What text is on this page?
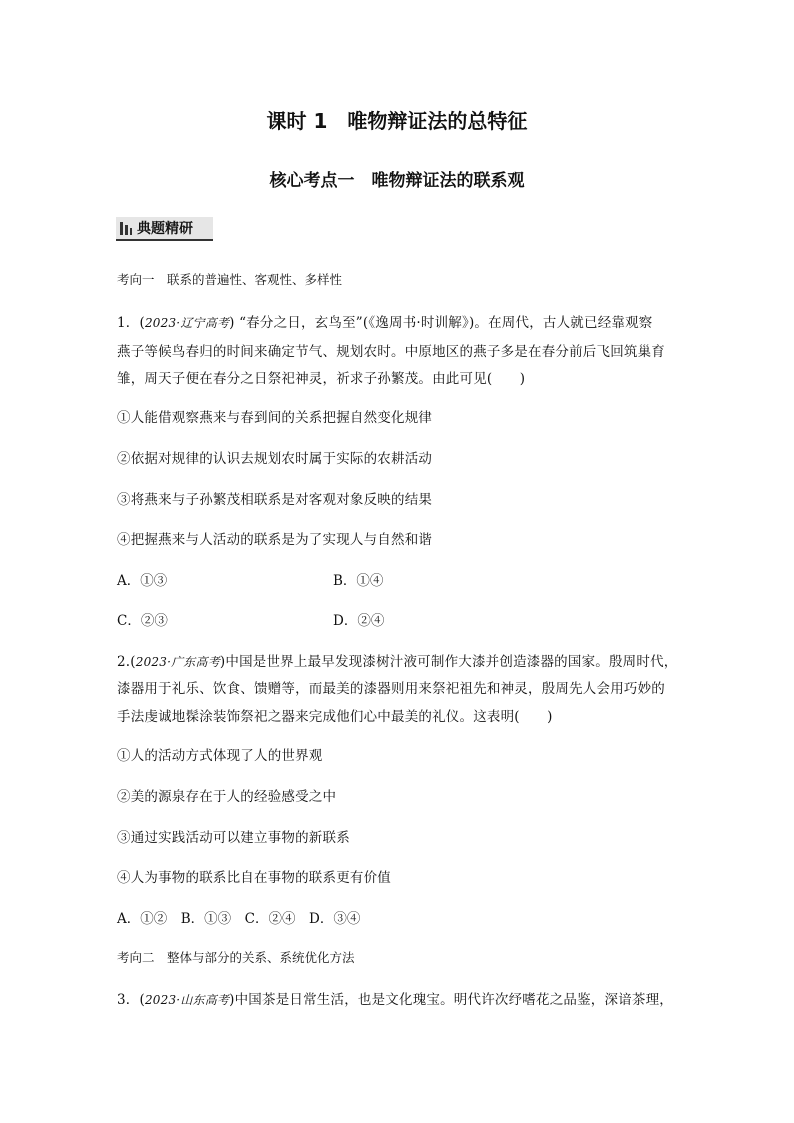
课时 1　唯物辩证法的总特征
核心考点一　唯物辩证法的联系观
典题精研
考向一　联系的普遍性、客观性、多样性
1．(2023·辽宁高考) “春分之日，玄鸟至”(《逸周书·时训解》)。在周代，古人就已经靠观察
燕子等候鸟春归的时间来确定节气、规划农时。中原地区的燕子多是在春分前后飞回筑巢育
雏，周天子便在春分之日祭祀神灵，祈求子孙繁茂。由此可见(　　)
①人能借观察燕来与春到间的关系把握自然变化规律
②依据对规律的认识去规划农时属于实际的农耕活动
③将燕来与子孙繁茂相联系是对客观对象反映的结果
④把握燕来与人活动的联系是为了实现人与自然和谐
A．①③	B．①④
C．②③	D．②④
2.(2023·广东高考)中国是世界上最早发现漆树汁液可制作大漆并创造漆器的国家。殷周时代，
漆器用于礼乐、饮食、馈赠等，而最美的漆器则用来祭祀祖先和神灵，殷周先人会用巧妙的
手法虔诚地髹涂装饰祭祀之器来完成他们心中最美的礼仪。这表明(　　)
①人的活动方式体现了人的世界观
②美的源泉存在于人的经验感受之中
③通过实践活动可以建立事物的新联系
④人为事物的联系比自在事物的联系更有价值
A．①②　B．①③　C．②④　D．③④
考向二　整体与部分的关系、系统优化方法
3．(2023·山东高考)中国茶是日常生活，也是文化瑰宝。明代许次纾嗜花之品鉴，深谙茶理，
